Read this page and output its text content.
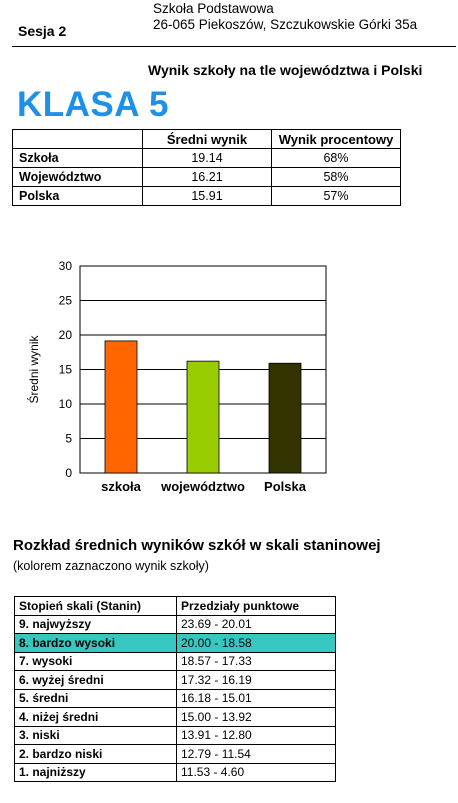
Sesja 2
Szkoła Podstawowa
26-065 Piekoszów, Szczukowskie Górki 35a
Wynik szkoły na tle województwa i Polski
KLASA 5
	Średni wynik	Wynik procentowy
Szkoła	19.14	68%
Województwo	16.21	58%
Polska	15.91	57%
0
5
10
15
20
25
30
Średni wynik
szkoła województwo Polska
Rozkład średnich wyników szkół w skali staninowej
(kolorem zaznaczono wynik szkoły)
Stopień skali (Stanin)	Przedziały punktowe
9. najwyższy	23.69 - 20.01
8. bardzo wysoki	20.00 - 18.58
7. wysoki	18.57 - 17.33
6. wyżej średni	17.32 - 16.19
5. średni	16.18 - 15.01
4. niżej średni	15.00 - 13.92
3. niski	13.91 - 12.80
2. bardzo niski	12.79 - 11.54
1. najniższy	11.53 - 4.60
